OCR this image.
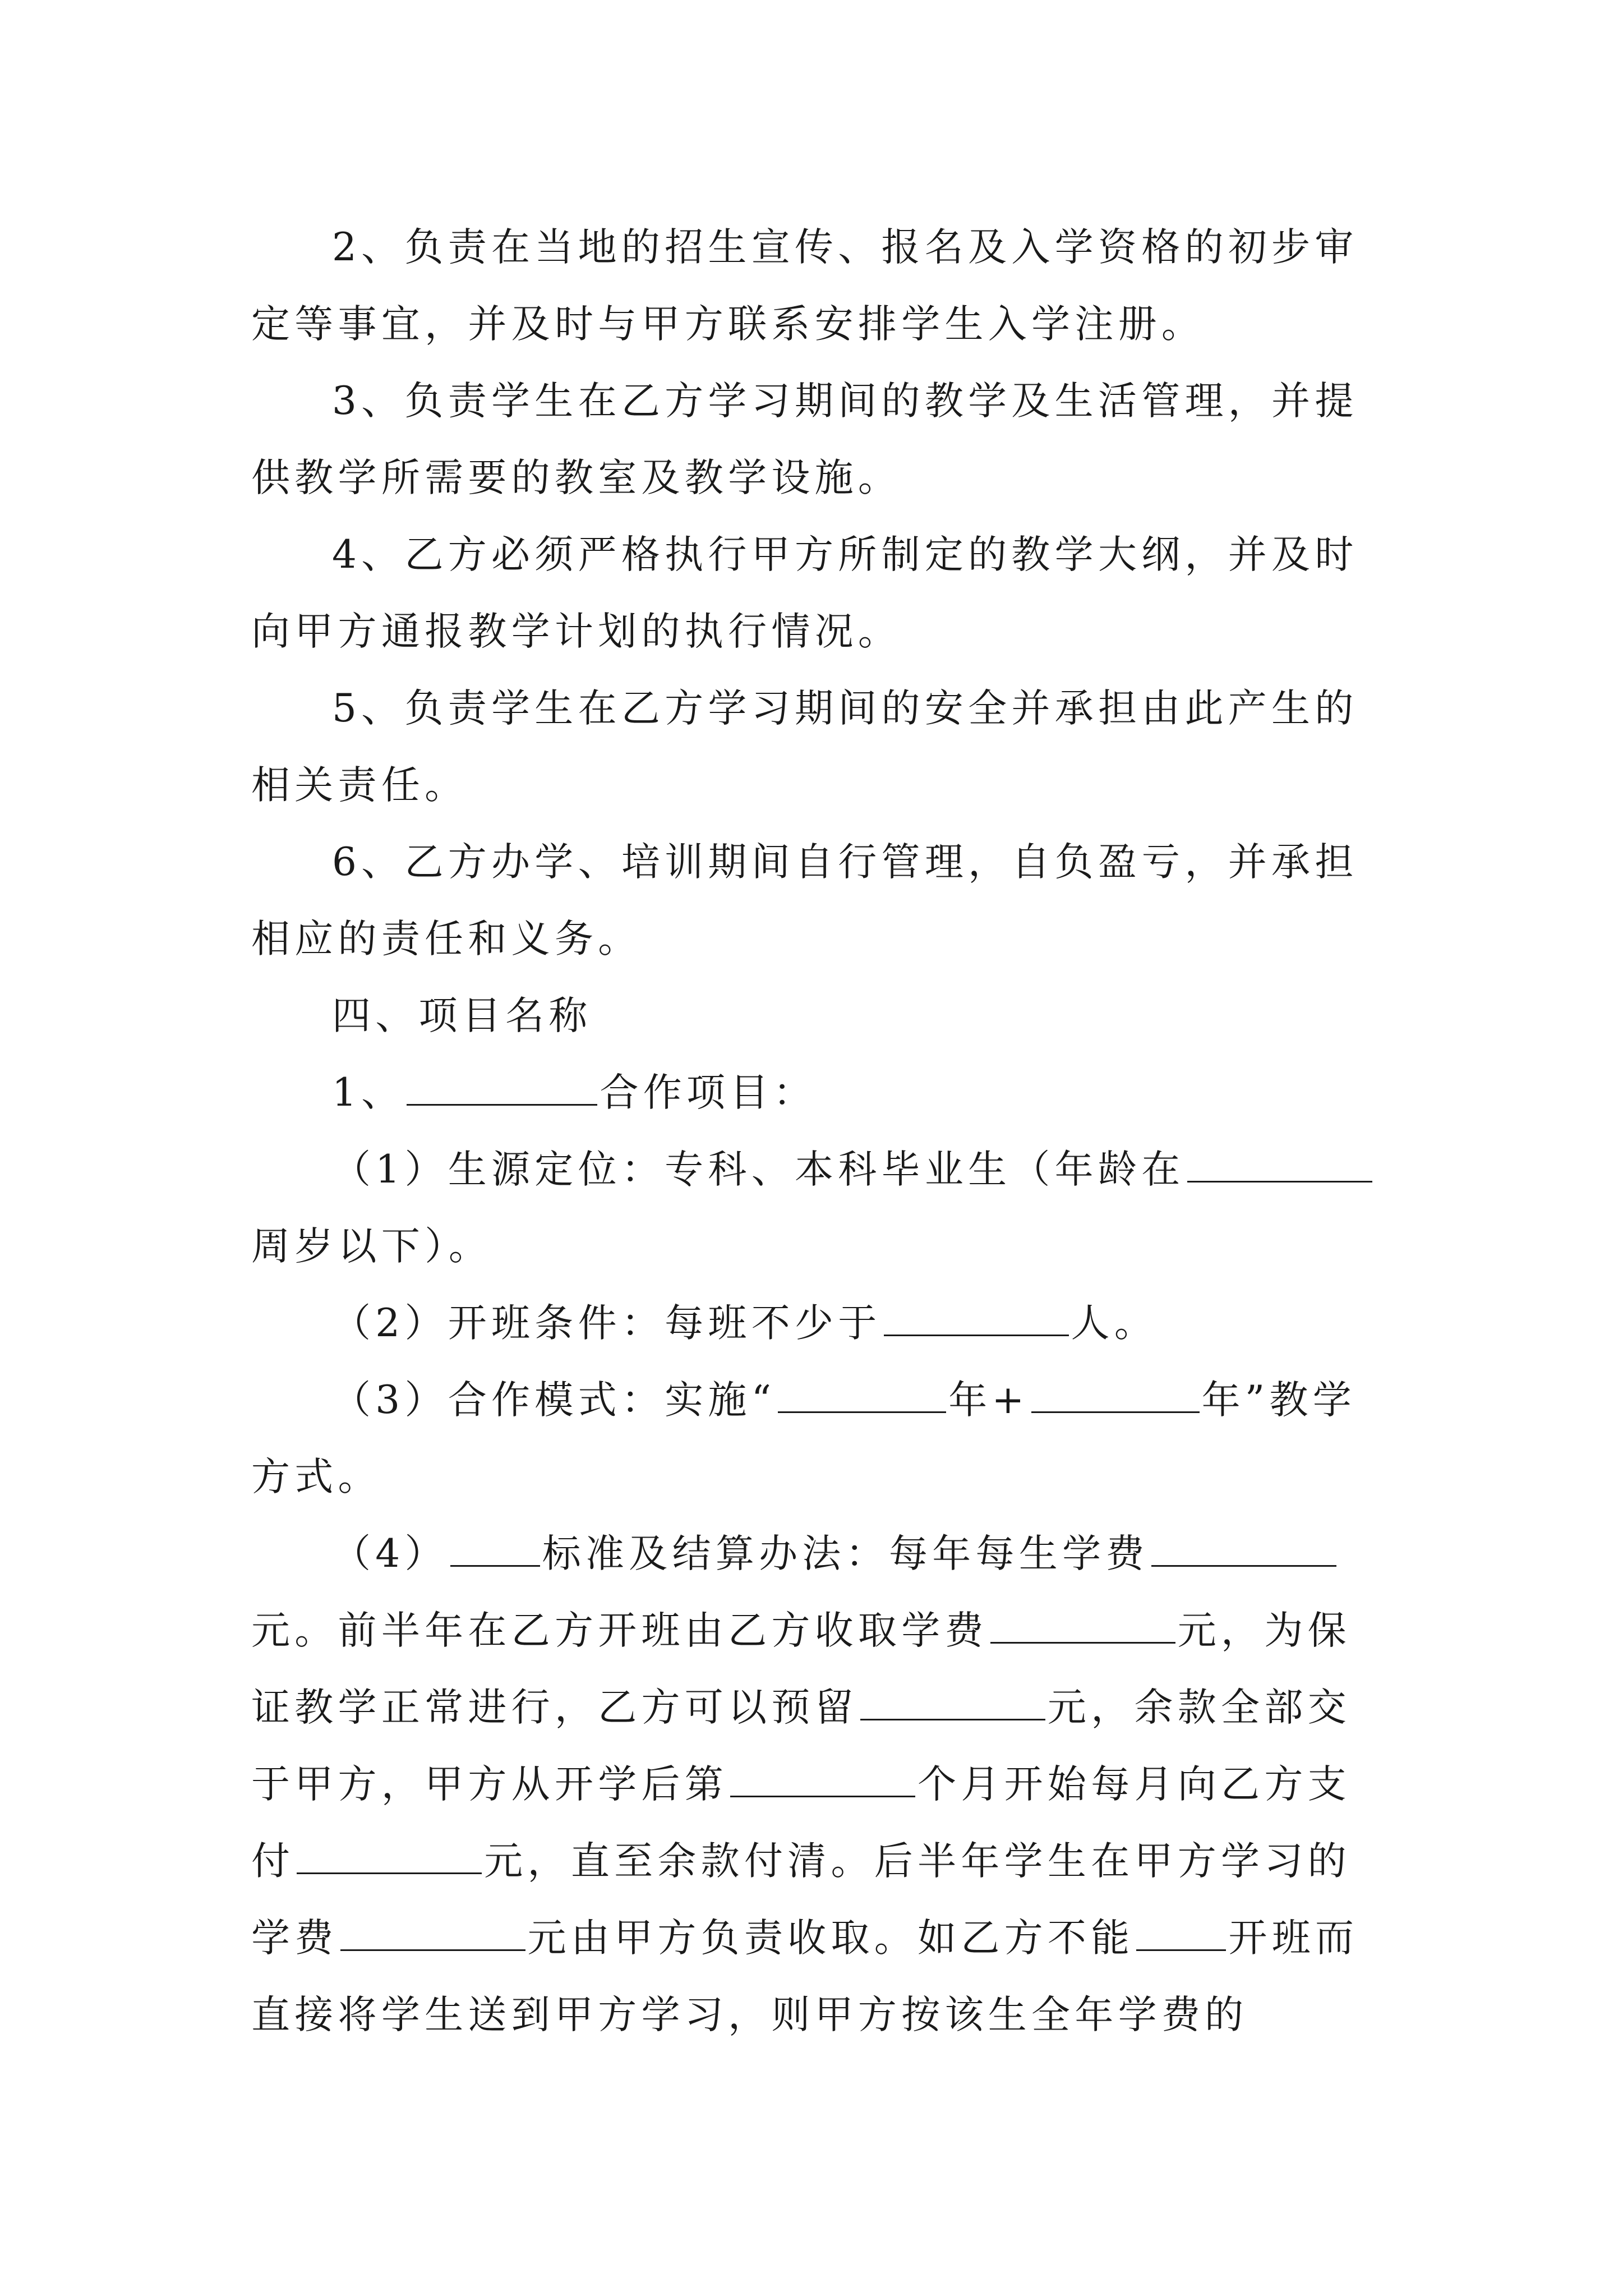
2、负责在当地的招生宣传、报名及入学资格的初步审
定等事宜，并及时与甲方联系安排学生入学注册。
3、负责学生在乙方学习期间的教学及生活管理，并提
供教学所需要的教室及教学设施。
4、乙方必须严格执行甲方所制定的教学大纲，并及时
向甲方通报教学计划的执行情况。
5、负责学生在乙方学习期间的安全并承担由此产生的
相关责任。
6、乙方办学、培训期间自行管理，自负盈亏，并承担
相应的责任和义务。
四、项目名称
1、	合作项目：
（1）生源定位：专科、本科毕业生（年龄在
周岁以下）。
（2）开班条件：每班不少于	人。
（3）合作模式：实施“	年+	年”教学
方式。
（4） 标准及结算办法：每年每生学费
元。前半年在乙方开班由乙方收取学费	元，为保
证教学正常进行，乙方可以预留	元，余款全部交
于甲方，甲方从开学后第	个月开始每月向乙方支
付	元，直至余款付清。后半年学生在甲方学习的
学费	元由甲方负责收取。如乙方不能 开班而
直接将学生送到甲方学习，则甲方按该生全年学费的
